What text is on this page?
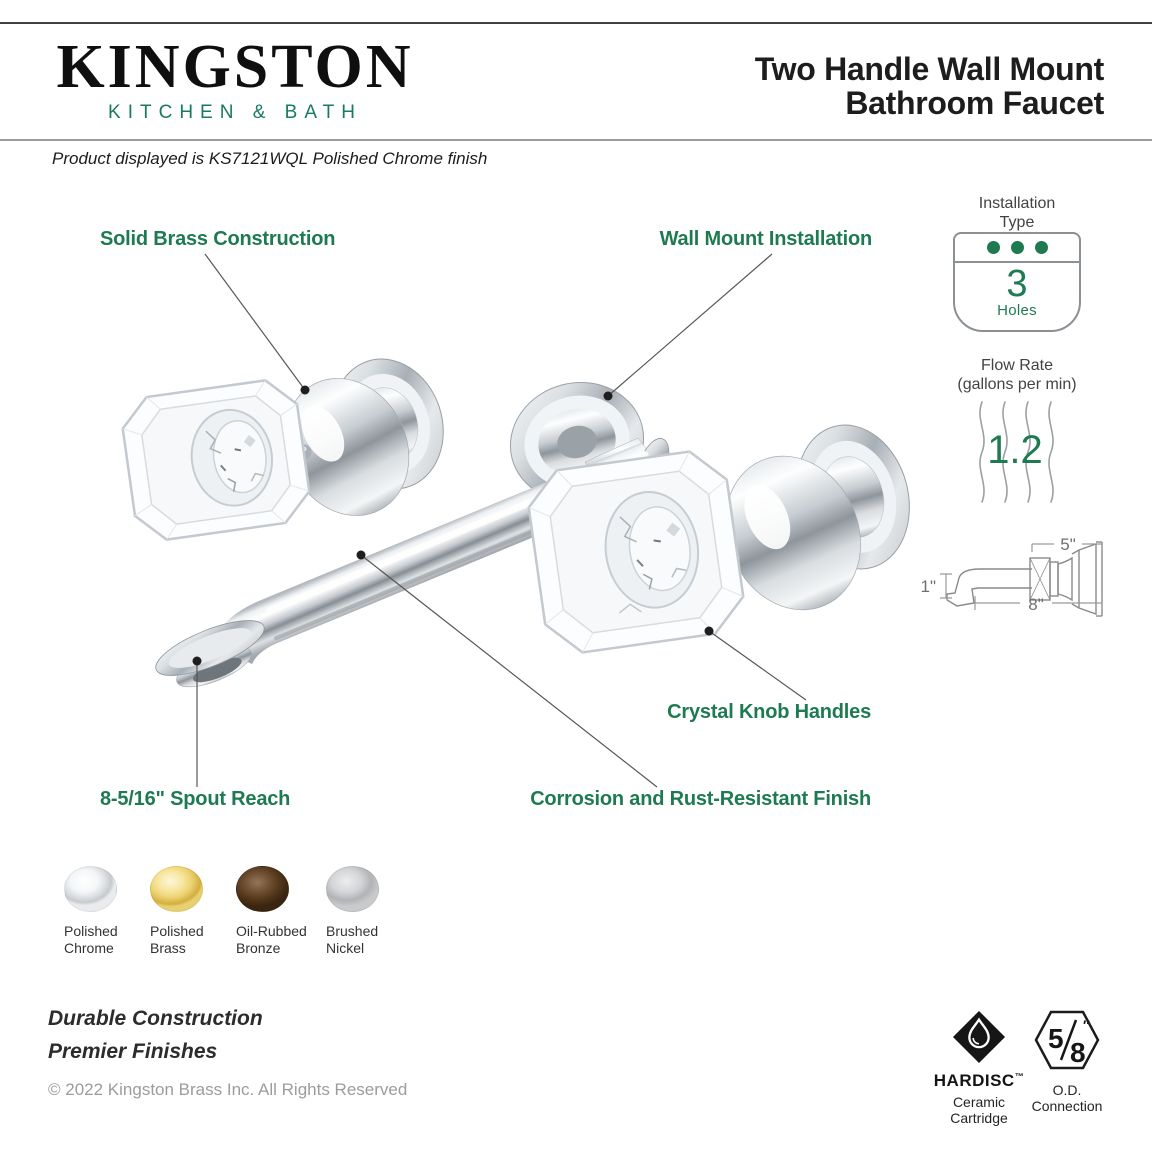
KINGSTON
KITCHEN & BATH
Two Handle Wall Mount
Bathroom Faucet
Product displayed is KS7121WQL Polished Chrome finish
Solid Brass Construction	Wall Mount Installation
Crystal Knob Handles
8-5/16" Spout Reach	Corrosion and Rust-Resistant Finish
Installation
Type
3
Holes
Flow Rate
(gallons per min)
1.2
5"
1"
8"
Polished
Chrome
Polished
Brass
Oil-Rubbed
Bronze
Brushed
Nickel
Durable Construction
Premier Finishes
© 2022 Kingston Brass Inc. All Rights Reserved	HARDISC™
Ceramic
Cartridge
5 8
″
O.D.
Connection
